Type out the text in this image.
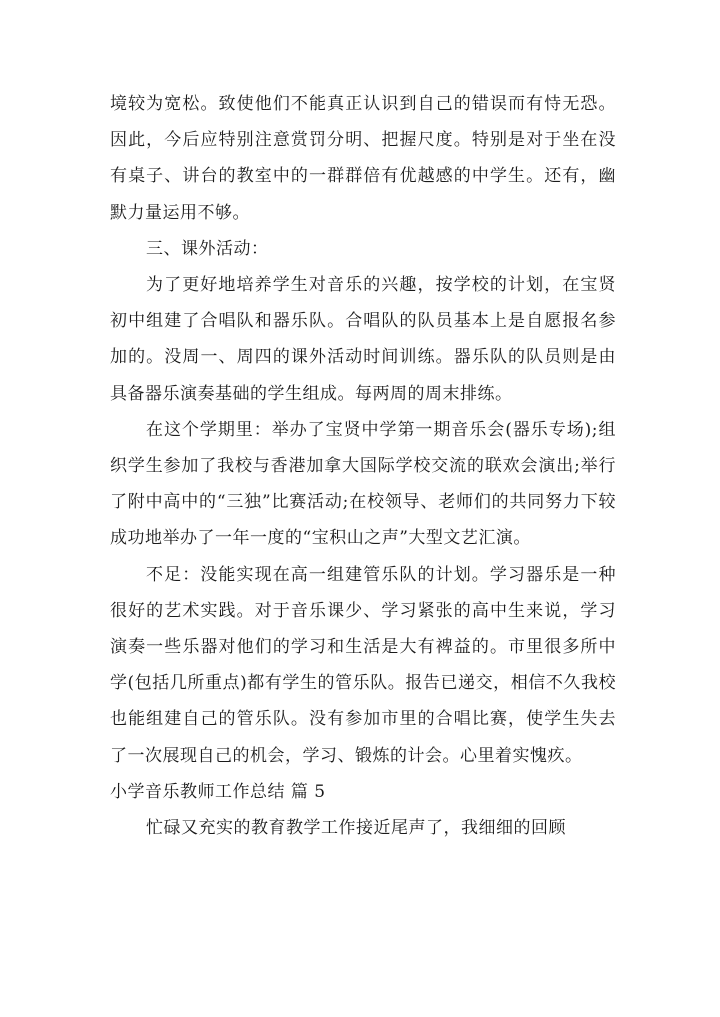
境较为宽松。致使他们不能真正认识到自己的错误而有恃无恐。因此，今后应特别注意赏罚分明、把握尺度。特别是对于坐在没有桌子、讲台的教室中的一群群倍有优越感的中学生。还有，幽默力量运用不够。

三、课外活动：

为了更好地培养学生对音乐的兴趣，按学校的计划，在宝贤初中组建了合唱队和器乐队。合唱队的队员基本上是自愿报名参加的。没周一、周四的课外活动时间训练。器乐队的队员则是由具备器乐演奏基础的学生组成。每两周的周末排练。

在这个学期里：举办了宝贤中学第一期音乐会(器乐专场);组织学生参加了我校与香港加拿大国际学校交流的联欢会演出;举行了附中高中的“三独”比赛活动;在校领导、老师们的共同努力下较成功地举办了一年一度的“宝积山之声”大型文艺汇演。

不足：没能实现在高一组建管乐队的计划。学习器乐是一种很好的艺术实践。对于音乐课少、学习紧张的高中生来说，学习演奏一些乐器对他们的学习和生活是大有裨益的。市里很多所中学(包括几所重点)都有学生的管乐队。报告已递交，相信不久我校也能组建自己的管乐队。没有参加市里的合唱比赛，使学生失去了一次展现自己的机会，学习、锻炼的计会。心里着实愧疚。

小学音乐教师工作总结 篇 5

忙碌又充实的教育教学工作接近尾声了，我细细的回顾
